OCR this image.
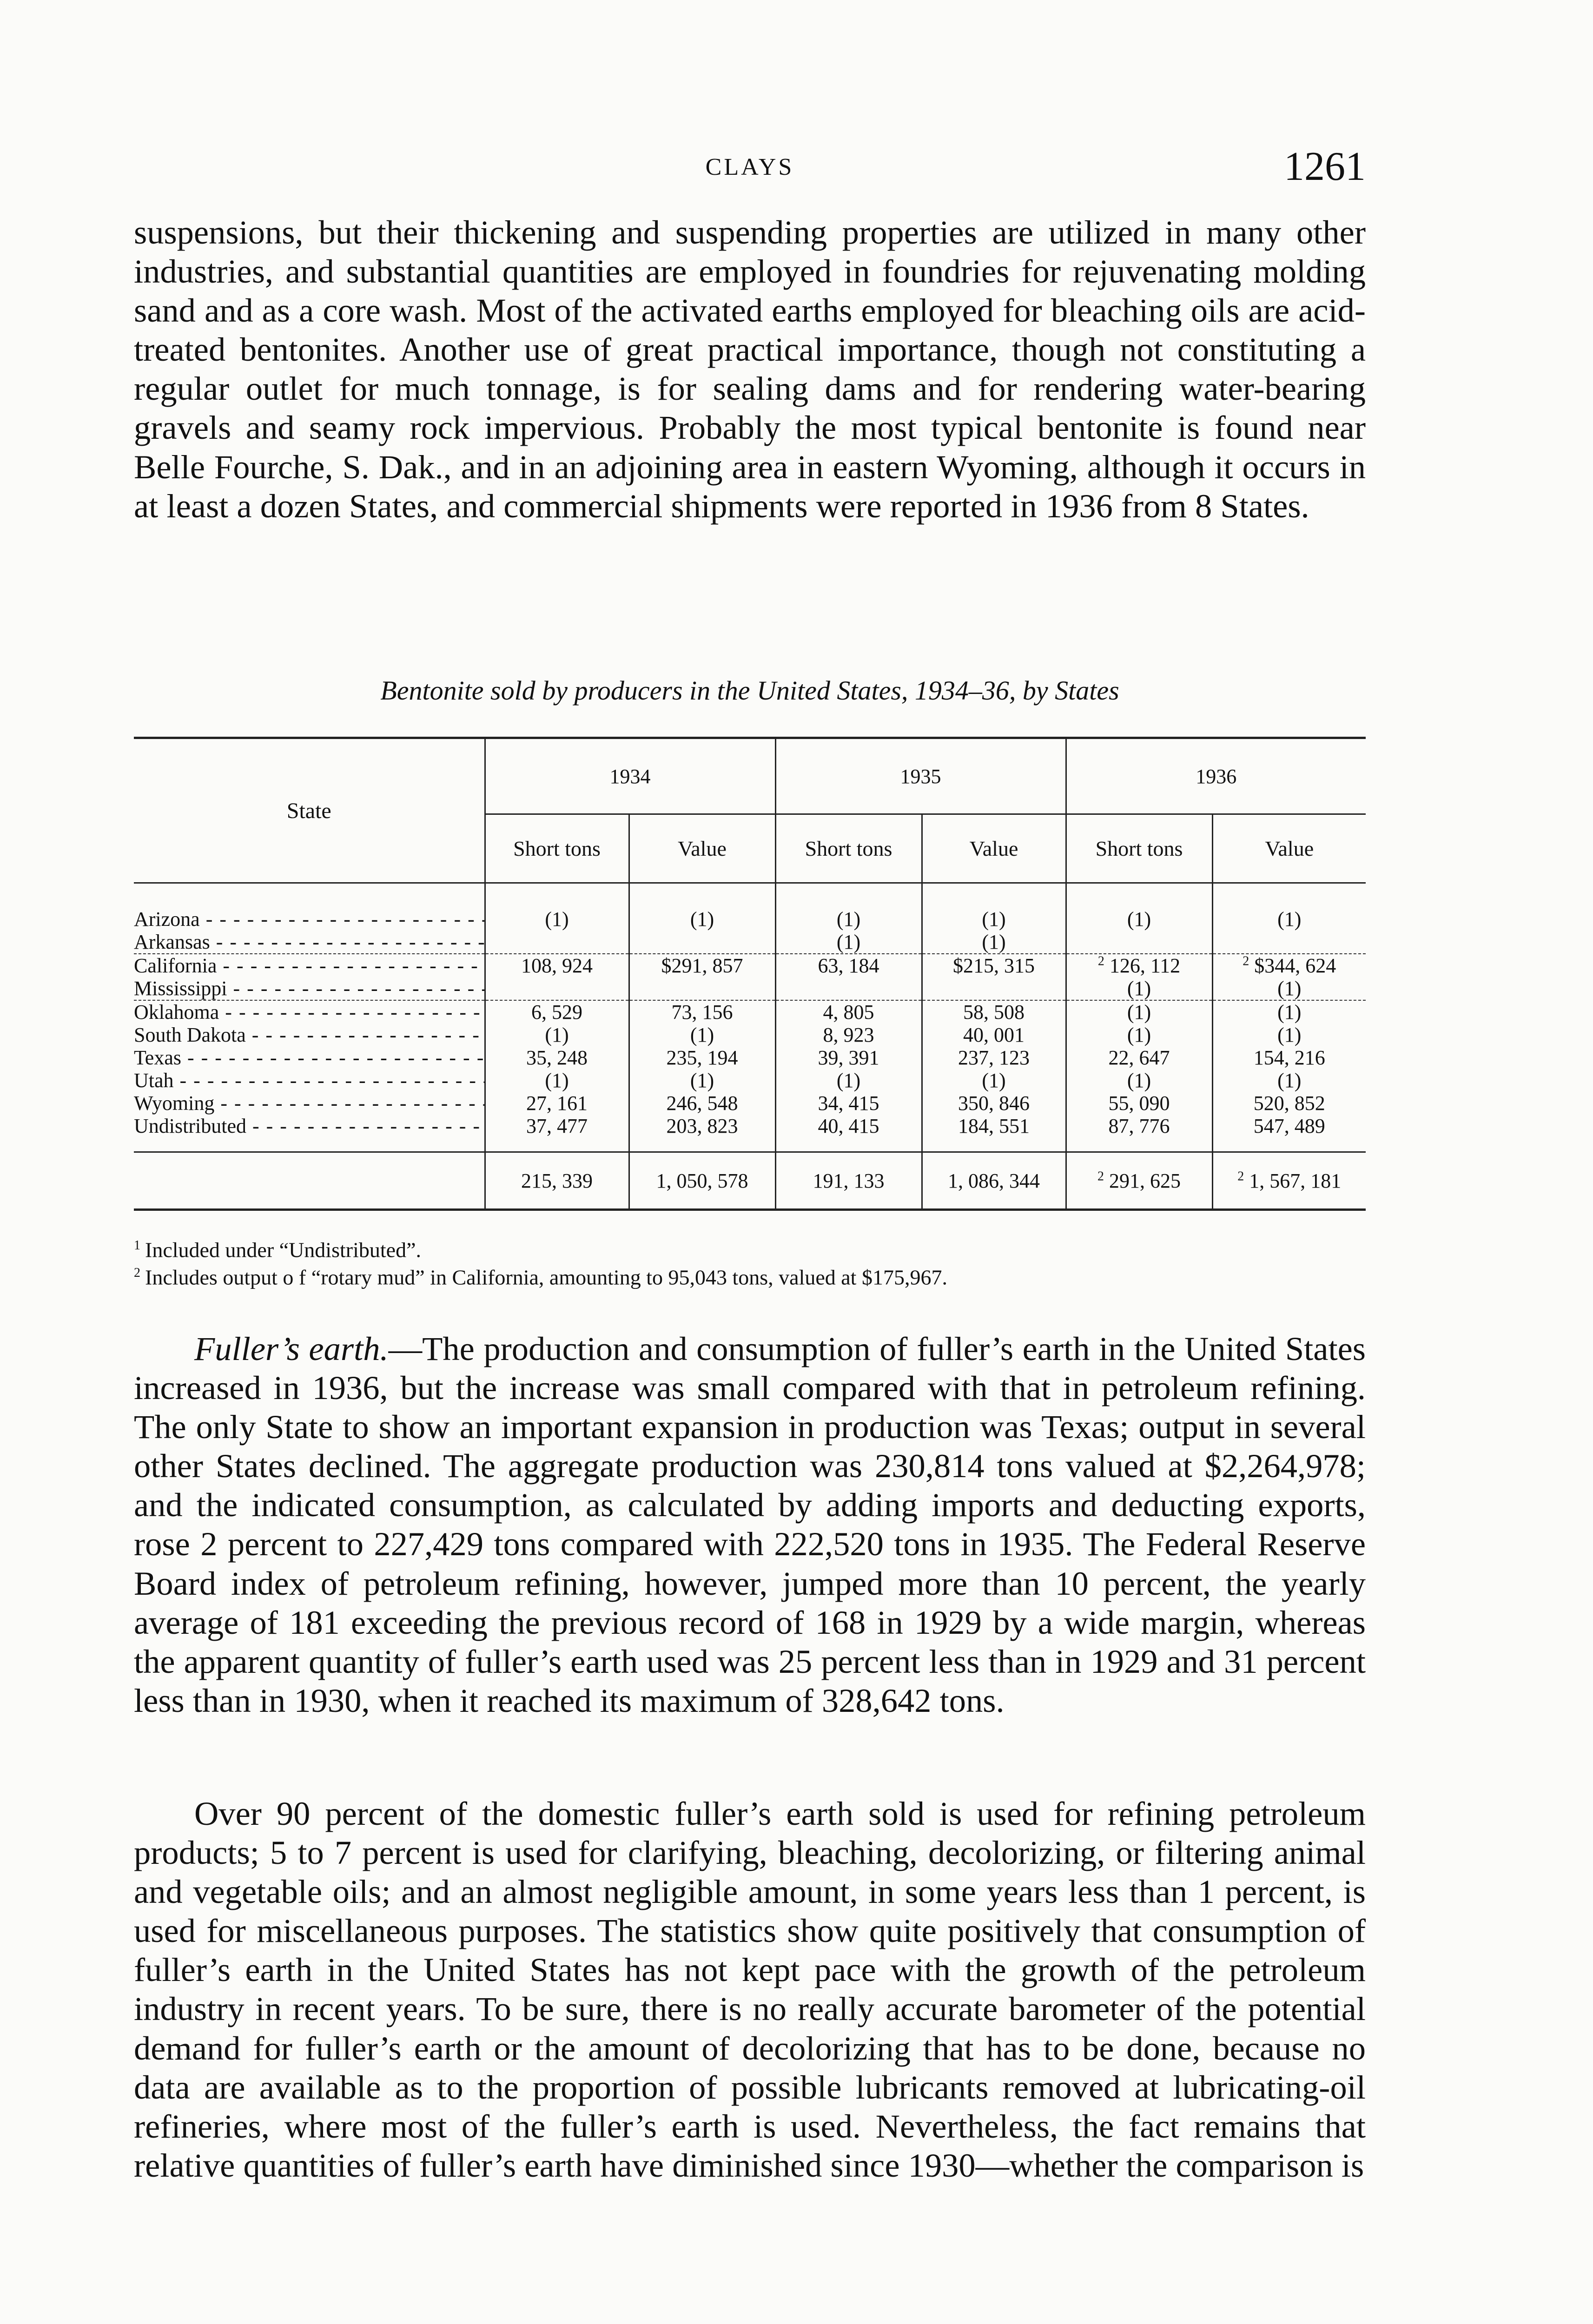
CLAYS	1261

suspensions, but their thickening and suspending properties are utilized in many other industries, and substantial quantities are employed in foundries for rejuvenating molding sand and as a core wash. Most of the activated earths employed for bleaching oils are acid-treated bentonites. Another use of great practical importance, though not constituting a regular outlet for much tonnage, is for sealing dams and for rendering water-bearing gravels and seamy rock impervious. Probably the most typical bentonite is found near Belle Fourche, S. Dak., and in an adjoining area in eastern Wyoming, although it occurs in at least a dozen States, and commercial shipments were reported in 1936 from 8 States.

Bentonite sold by producers in the United States, 1934–36, by States

State	1934		1935		1936	
	Short tons	Value	Short tons	Value	Short tons	Value
Arizona - - -	(1)	(1)	(1)	(1)	(1)	(1)
Arkansas - - -			(1)	(1)		
California - - -	108, 924	$291, 857	63, 184	$215, 315	$^2$ 126, 112	$^2$ $344, 624
Mississippi - - -					(1)	(1)
Oklahoma - - -	6, 529	73, 156	4, 805	58, 508	(1)	(1)
South Dakota - - -	(1)	(1)	8, 923	40, 001	(1)	(1)
Texas - - -	35, 248	235, 194	39, 391	237, 123	22, 647	154, 216
Utah - - -	(1)	(1)	(1)	(1)	(1)	(1)
Wyoming - - -	27, 161	246, 548	34, 415	350, 846	55, 090	520, 852
Undistributed - - -	37, 477	203, 823	40, 415	184, 551	87, 776	547, 489
	215, 339	1, 050, 578	191, 133	1, 086, 344	$^2$ 291, 625	$^2$ 1, 567, 181
$^1$ Included under “Undistributed”.
$^2$ Includes output o f “rotary mud” in California, amounting to 95,043 tons, valued at $175,967.

Fuller’s earth.—The production and consumption of fuller’s earth in the United States increased in 1936, but the increase was small compared with that in petroleum refining. The only State to show an important expansion in production was Texas; output in several other States declined. The aggregate production was 230,814 tons valued at $2,264,978; and the indicated consumption, as calculated by adding imports and deducting exports, rose 2 percent to 227,429 tons compared with 222,520 tons in 1935. The Federal Reserve Board index of petroleum refining, however, jumped more than 10 percent, the yearly average of 181 exceeding the previous record of 168 in 1929 by a wide margin, whereas the apparent quantity of fuller’s earth used was 25 percent less than in 1929 and 31 percent less than in 1930, when it reached its maximum of 328,642 tons.

Over 90 percent of the domestic fuller’s earth sold is used for refining petroleum products; 5 to 7 percent is used for clarifying, bleaching, decolorizing, or filtering animal and vegetable oils; and an almost negligible amount, in some years less than 1 percent, is used for miscellaneous purposes. The statistics show quite positively that consumption of fuller’s earth in the United States has not kept pace with the growth of the petroleum industry in recent years. To be sure, there is no really accurate barometer of the potential demand for fuller’s earth or the amount of decolorizing that has to be done, because no data are available as to the proportion of possible lubricants removed at lubricating-oil refineries, where most of the fuller’s earth is used. Nevertheless, the fact remains that relative quantities of fuller’s earth have diminished since 1930—whether the comparison is
